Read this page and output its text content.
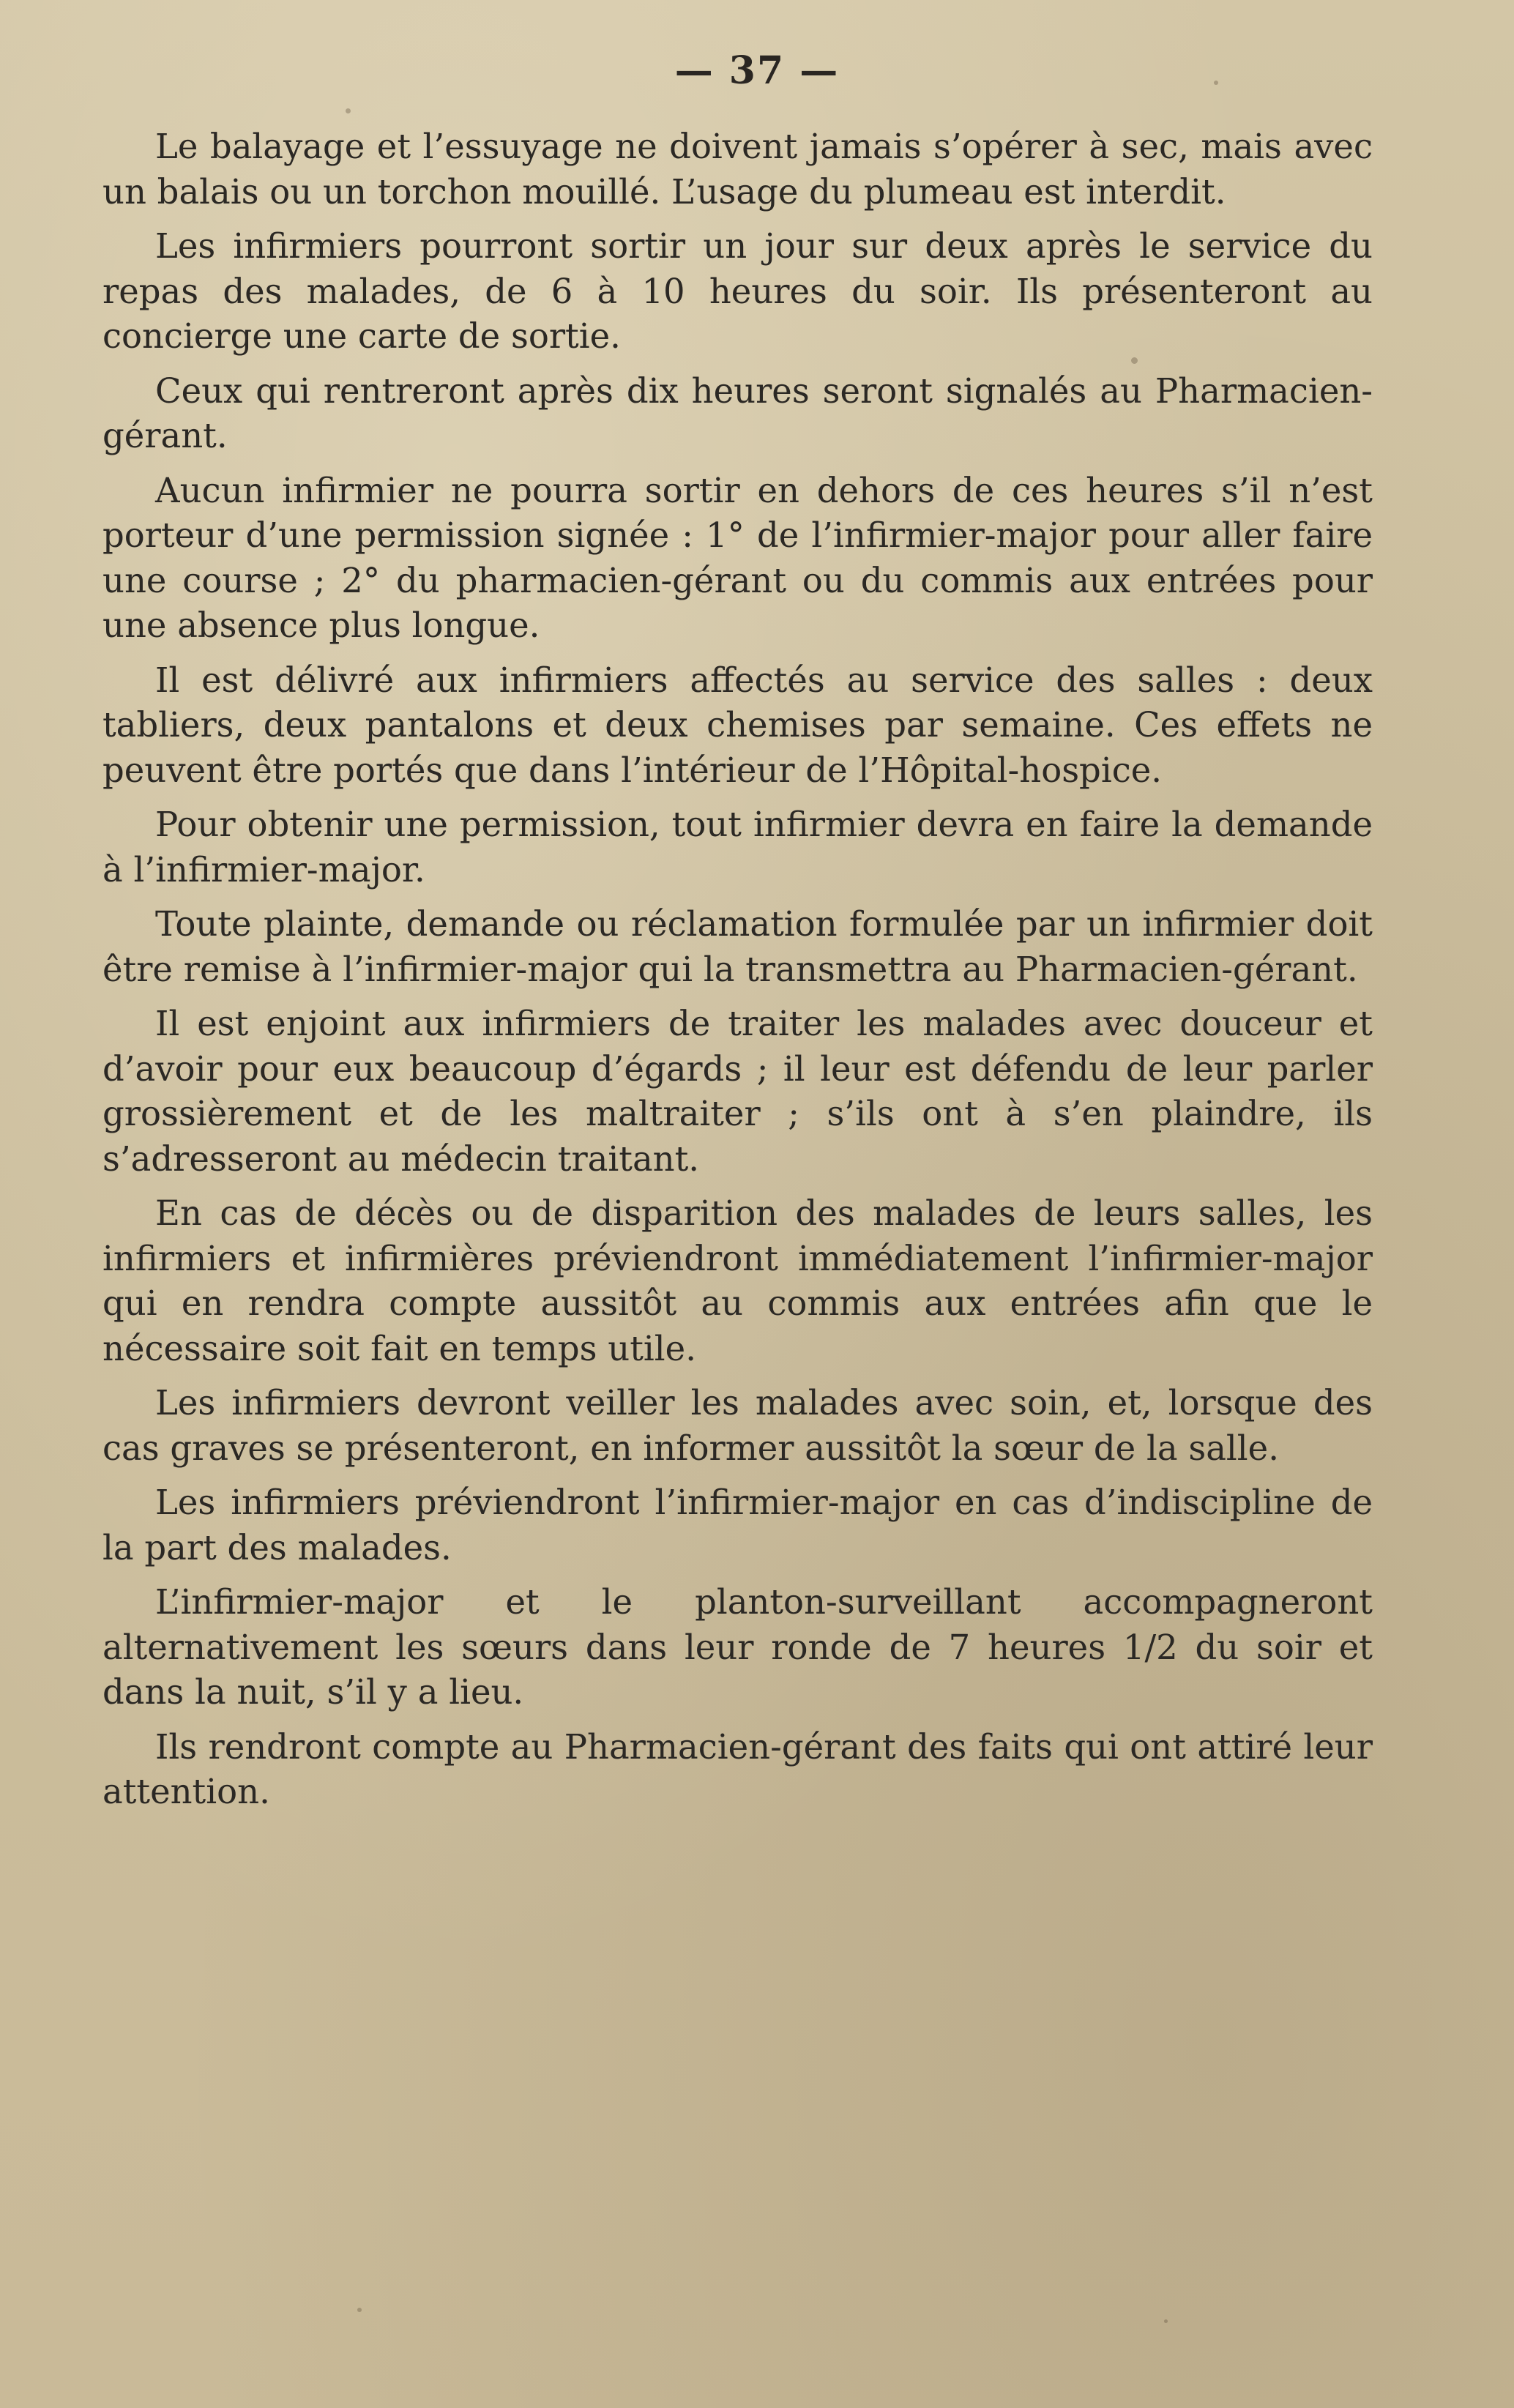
— 37 —

Le balayage et l’essuyage ne doivent jamais s’opérer à sec, mais avec un balais ou un torchon mouillé. L’usage du plumeau est interdit.

Les infirmiers pourront sortir un jour sur deux après le service du repas des malades, de 6 à 10 heures du soir. Ils présenteront au concierge une carte de sortie.

Ceux qui rentreront après dix heures seront signalés au Pharmacien-gérant.

Aucun infirmier ne pourra sortir en dehors de ces heures s’il n’est porteur d’une permission signée : 1° de l’infirmier-major pour aller faire une course ; 2° du pharmacien-gérant ou du commis aux entrées pour une absence plus longue.

Il est délivré aux infirmiers affectés au service des salles : deux tabliers, deux pantalons et deux chemises par semaine. Ces effets ne peuvent être portés que dans l’intérieur de l’Hôpital-hospice.

Pour obtenir une permission, tout infirmier devra en faire la demande à l’infirmier-major.

Toute plainte, demande ou réclamation formulée par un infirmier doit être remise à l’infirmier-major qui la transmettra au Pharmacien-gérant.

Il est enjoint aux infirmiers de traiter les malades avec douceur et d’avoir pour eux beaucoup d’égards ; il leur est défendu de leur parler grossièrement et de les maltraiter ; s’ils ont à s’en plaindre, ils s’adresseront au médecin traitant.

En cas de décès ou de disparition des malades de leurs salles, les infirmiers et infirmières préviendront immédiatement l’infirmier-major qui en rendra compte aussitôt au commis aux entrées afin que le nécessaire soit fait en temps utile.

Les infirmiers devront veiller les malades avec soin, et, lorsque des cas graves se présenteront, en informer aussitôt la sœur de la salle.

Les infirmiers préviendront l’infirmier-major en cas d’indiscipline de la part des malades.

L’infirmier-major et le planton-surveillant accompagneront alternativement les sœurs dans leur ronde de 7 heures 1/2 du soir et dans la nuit, s’il y a lieu.

Ils rendront compte au Pharmacien-gérant des faits qui ont attiré leur attention.
